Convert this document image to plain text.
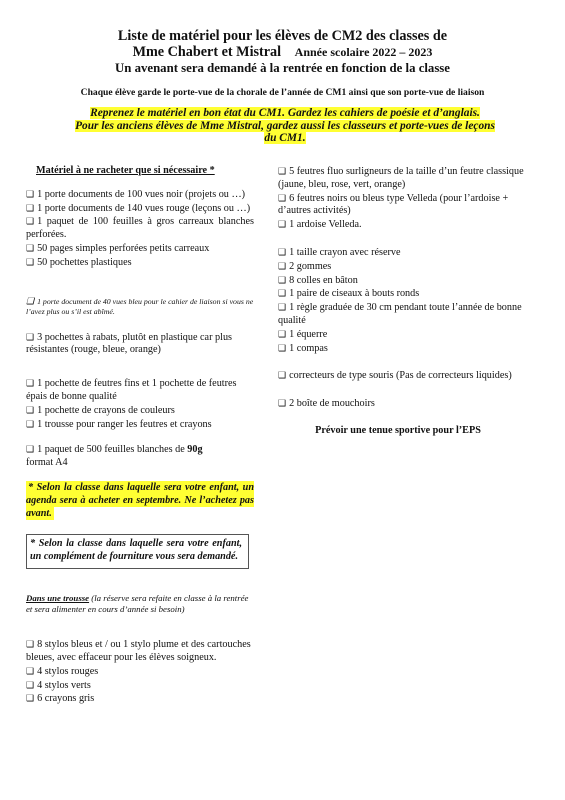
Liste de matériel pour les élèves de CM2 des classes de
Mme Chabert et Mistral Année scolaire 2022 – 2023
Un avenant sera demandé à la rentrée en fonction de la classe
Chaque élève garde le porte-vue de la chorale de l’année de CM1 ainsi que son porte-vue de liaison
Reprenez le matériel en bon état du CM1. Gardez les cahiers de poésie et d’anglais.
Pour les anciens élèves de Mme Mistral, gardez aussi les classeurs et porte-vues de leçons
du CM1.
Matériel à ne racheter que si nécessaire *
❑ 1 porte documents de 100 vues noir (projets ou …)
❑ 1 porte documents de 140 vues rouge (leçons ou …)
❑ 1 paquet de 100 feuilles à gros carreaux blanches perforées.
❑ 50 pages simples perforées petits carreaux
❑ 50 pochettes plastiques
❑ 1 porte document de 40 vues bleu pour le cahier de liaison si vous ne l’avez plus ou s’il est abîmé.
❑ 3 pochettes à rabats, plutôt en plastique car plus résistantes (rouge, bleue, orange)
❑ 1 pochette de feutres fins et 1 pochette de feutres épais de bonne qualité
❑ 1 pochette de crayons de couleurs
❑ 1 trousse pour ranger les feutres et crayons
❑ 1 paquet de 500 feuilles blanches de 90g
format A4
* Selon la classe dans laquelle sera votre enfant, un agenda sera à acheter en septembre. Ne l’achetez pas avant.
* Selon la classe dans laquelle sera votre enfant, un complément de fourniture vous sera demandé.
Dans une trousse (la réserve sera refaite en classe à la rentrée et sera alimenter en cours d’année si besoin)
❑ 8 stylos bleus et / ou 1 stylo plume et des cartouches bleues, avec effaceur pour les élèves soigneux.
❑ 4 stylos rouges
❑ 4 stylos verts
❑ 6 crayons gris
❑ 5 feutres fluo surligneurs de la taille d’un feutre classique (jaune, bleu, rose, vert, orange)
❑ 6 feutres noirs ou bleus type Velleda (pour l’ardoise + d’autres activités)
❑ 1 ardoise Velleda.
❑ 1 taille crayon avec réserve
❑ 2 gommes
❑ 8 colles en bâton
❑ 1 paire de ciseaux à bouts ronds
❑ 1 règle graduée de 30 cm pendant toute l’année de bonne qualité
❑ 1 équerre
❑ 1 compas
❑ correcteurs de type souris (Pas de correcteurs liquides)
❑ 2 boîte de mouchoirs
Prévoir une tenue sportive pour l’EPS
